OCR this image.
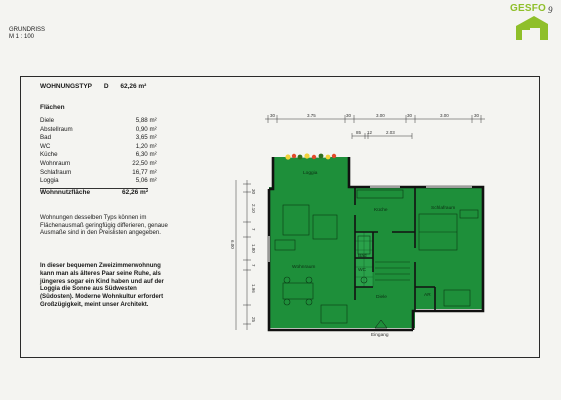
GRUNDRISS
M 1 : 100
GESFO 9
WOHNUNGSTYP D 62,26 m²
Flächen
Diele	5,88 m²
Abstellraum	0,90 m²
Bad	3,65 m²
WC	1,20 m²
Küche	6,30 m²
Wohnraum	22,50 m²
Schlafraum	16,77 m²
Loggia	5,06 m²
Wohnnutzfläche	62,26 m²
Wohnungen desselben Typs können im Flächenausmaß geringfügig differieren, genaue Ausmaße sind in den Preislisten angegeben.
In dieser bequemen Zweizimmerwohnung kann man als älteres Paar seine Ruhe, als jüngeres sogar ein Kind haben und auf der Loggia die Sonne aus Südwesten (Südosten). Moderne Wohnkultur erfordert Großzügigkeit, meint unser Architekt.
30	3.75	30	3.00	30	3.00	30
85 12	2.03
30
2.10
7
1.80
7
1.96
25
6.00
Loggia
Küche	Schlafraum
Wohnraum
Bad
WC
Diele	AR
Eingang
